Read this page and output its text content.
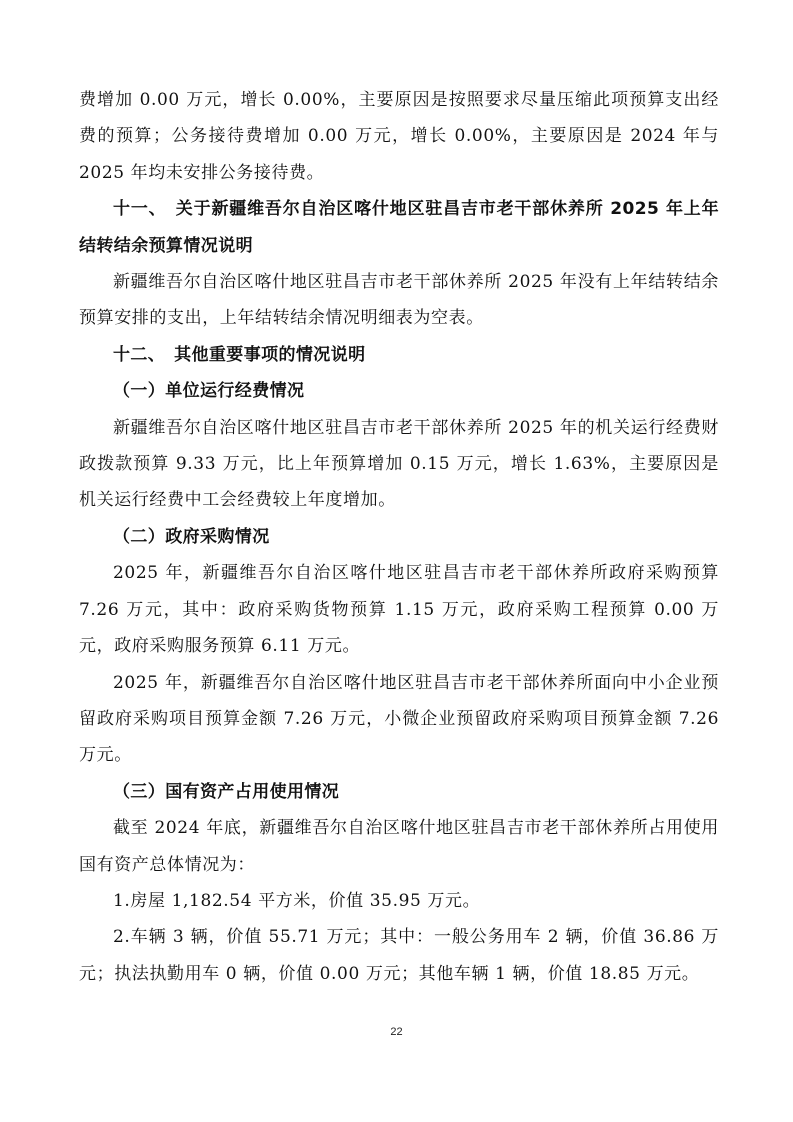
费增加 0.00 万元，增长 0.00%，主要原因是按照要求尽量压缩此项预算支出经费的预算；公务接待费增加 0.00 万元，增长 0.00%，主要原因是 2024 年与 2025 年均未安排公务接待费。

十一、　关于新疆维吾尔自治区喀什地区驻昌吉市老干部休养所 2025 年上年结转结余预算情况说明

新疆维吾尔自治区喀什地区驻昌吉市老干部休养所 2025 年没有上年结转结余预算安排的支出，上年结转结余情况明细表为空表。

十二、　其他重要事项的情况说明

（一）单位运行经费情况

新疆维吾尔自治区喀什地区驻昌吉市老干部休养所 2025 年的机关运行经费财政拨款预算 9.33 万元，比上年预算增加 0.15 万元，增长 1.63%，主要原因是机关运行经费中工会经费较上年度增加。

（二）政府采购情况

2025 年，新疆维吾尔自治区喀什地区驻昌吉市老干部休养所政府采购预算 7.26 万元，其中：政府采购货物预算 1.15 万元，政府采购工程预算 0.00 万元，政府采购服务预算 6.11 万元。

2025 年，新疆维吾尔自治区喀什地区驻昌吉市老干部休养所面向中小企业预留政府采购项目预算金额 7.26 万元，小微企业预留政府采购项目预算金额 7.26 万元。

（三）国有资产占用使用情况

截至 2024 年底，新疆维吾尔自治区喀什地区驻昌吉市老干部休养所占用使用国有资产总体情况为：

1.房屋 1,182.54 平方米，价值 35.95 万元。

2.车辆 3 辆，价值 55.71 万元；其中：一般公务用车 2 辆，价值 36.86 万元；执法执勤用车 0 辆，价值 0.00 万元；其他车辆 1 辆，价值 18.85 万元。

22
